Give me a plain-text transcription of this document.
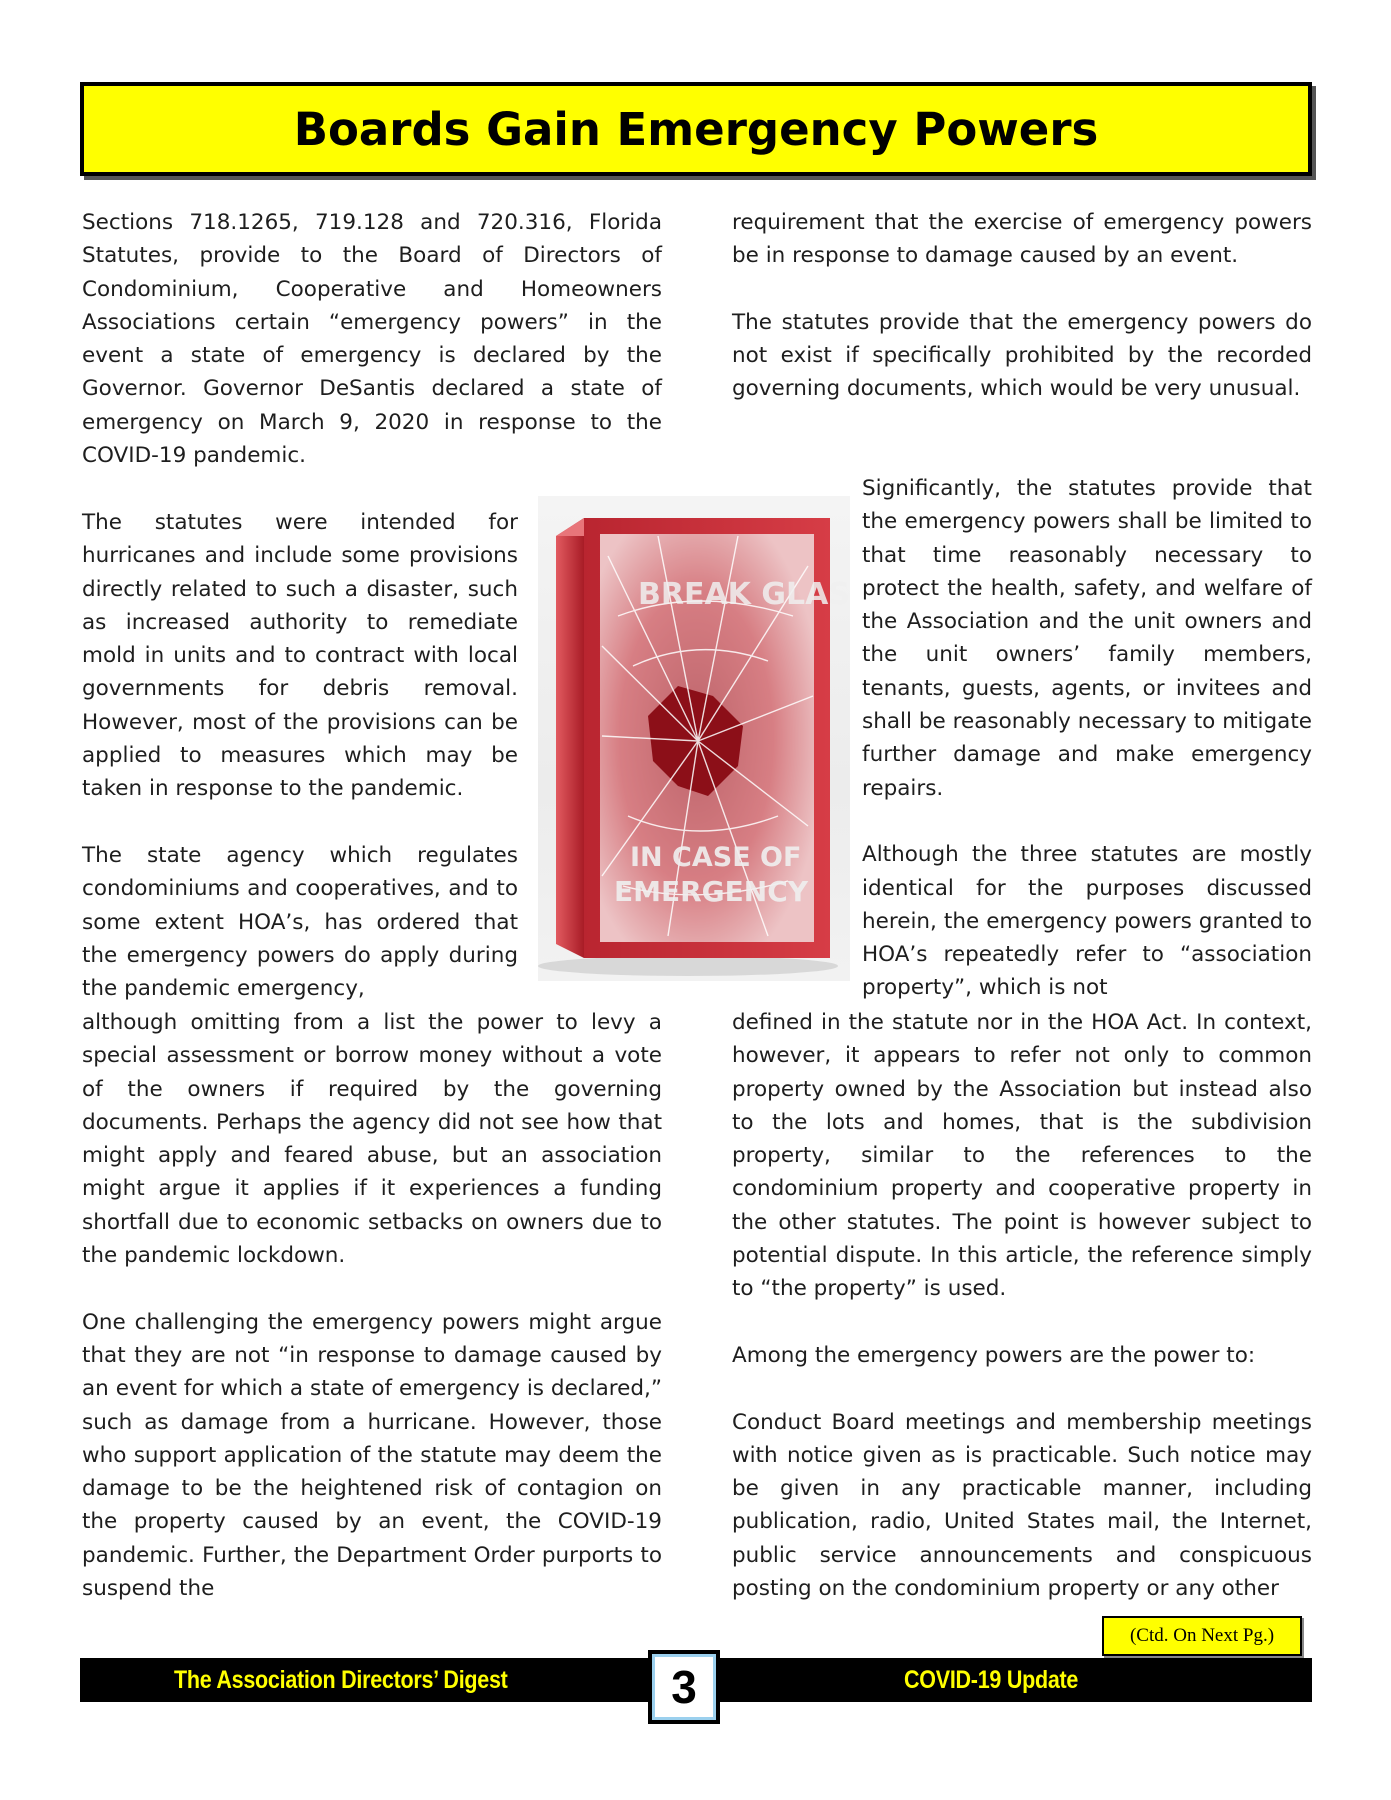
Boards Gain Emergency Powers

Sections 718.1265, 719.128 and 720.316, Florida Statutes, provide to the Board of Directors of Condominium, Cooperative and Homeowners Associations certain “emergency powers” in the event a state of emergency is declared by the Governor. Governor DeSantis declared a state of emergency on March 9, 2020 in response to the COVID-19 pandemic.

The statutes were intended for hurricanes and include some provisions directly related to such a disaster, such as increased authority to remediate mold in units and to contract with local governments for debris removal. However, most of the provisions can be applied to measures which may be taken in response to the pandemic.

The state agency which regulates condominiums and cooperatives, and to some extent HOA’s, has ordered that the emergency powers do apply during the pandemic emergency,

although omitting from a list the power to levy a special assessment or borrow money without a vote of the owners if required by the governing documents. Perhaps the agency did not see how that might apply and feared abuse, but an association might argue it applies if it experiences a funding shortfall due to economic setbacks on owners due to the pandemic lockdown.

One challenging the emergency powers might argue that they are not “in response to damage caused by an event for which a state of emergency is declared,” such as damage from a hurricane. However, those who support application of the statute may deem the damage to be the heightened risk of contagion on the property caused by an event, the COVID-19 pandemic. Further, the Department Order purports to suspend the

requirement that the exercise of emergency powers be in response to damage caused by an event.

The statutes provide that the emergency powers do not exist if specifically prohibited by the recorded governing documents, which would be very unusual.

Significantly, the statutes provide that the emergency powers shall be limited to that time reasonably necessary to protect the health, safety, and welfare of the Association and the unit owners and the unit owners’ family members, tenants, guests, agents, or invitees and shall be reasonably necessary to mitigate further damage and make emergency repairs.

Although the three statutes are mostly identical for the purposes discussed herein, the emergency powers granted to HOA’s repeatedly refer to “association property”, which is not

defined in the statute nor in the HOA Act. In context, however, it appears to refer not only to common property owned by the Association but instead also to the lots and homes, that is the subdivision property, similar to the references to the condominium property and cooperative property in the other statutes. The point is however subject to potential dispute. In this article, the reference simply to “the property” is used.

Among the emergency powers are the power to:

Conduct Board meetings and membership meetings with notice given as is practicable. Such notice may be given in any practicable manner, including publication, radio, United States mail, the Internet, public service announcements and conspicuous posting on the condominium property or any other

BREAK GLASS
IN CASE OF
EMERGENCY
(Ctd. On Next Pg.)
The Association Directors’ Digest	COVID-19 Update
3
